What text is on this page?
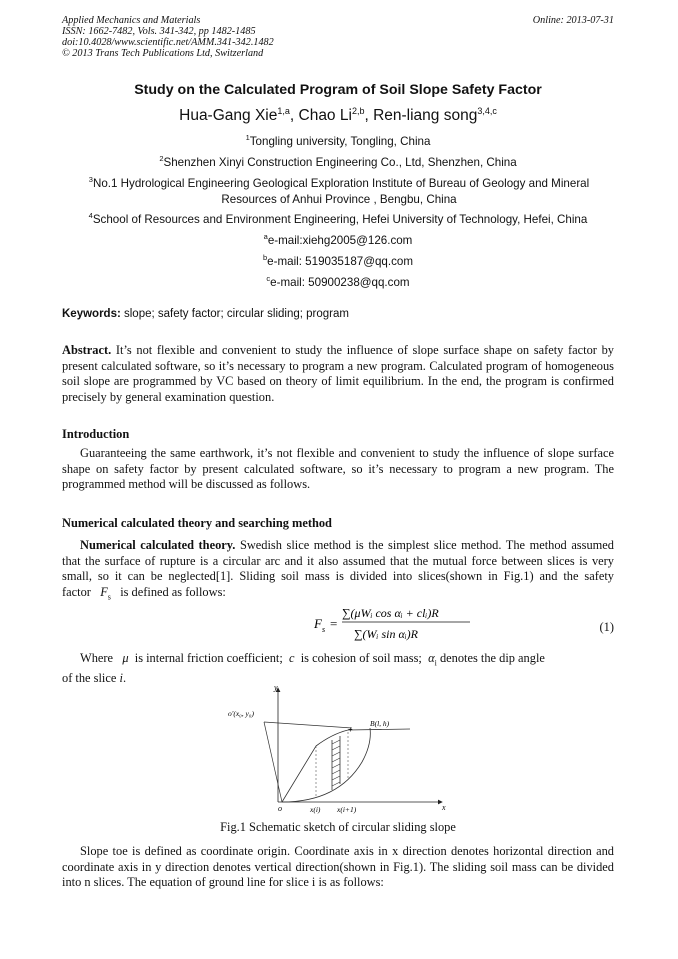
Applied Mechanics and Materials
ISSN: 1662-7482, Vols. 341-342, pp 1482-1485
doi:10.4028/www.scientific.net/AMM.341-342.1482
© 2013 Trans Tech Publications Ltd, Switzerland
Online: 2013-07-31
Study on the Calculated Program of Soil Slope Safety Factor
Hua-Gang Xie$^{1,a}$, Chao Li$^{2,b}$, Ren-liang song$^{3,4,c}$
$^1$Tongling university, Tongling, China
$^2$Shenzhen Xinyi Construction Engineering Co., Ltd, Shenzhen, China
$^3$No.1 Hydrological Engineering Geological Exploration Institute of Bureau of Geology and Mineral Resources of Anhui Province , Bengbu, China
$^4$School of Resources and Environment Engineering, Hefei University of Technology, Hefei, China
$^a$e-mail:xiehg2005@126.com
$^b$e-mail: 519035187@qq.com
$^c$e-mail: 50900238@qq.com
Keywords: slope; safety factor; circular sliding; program
Abstract. It’s not flexible and convenient to study the influence of slope surface shape on safety factor by present calculated software, so it’s necessary to program a new program. Calculated program of homogeneous soil slope are programmed by VC based on theory of limit equilibrium. In the end, the program is confirmed precisely by general examination question.
Introduction
Guaranteeing the same earthwork, it’s not flexible and convenient to study the influence of slope surface shape on safety factor by present calculated software, so it’s necessary to program a new program. The programmed method will be discussed as follows.
Numerical calculated theory and searching method
Numerical calculated theory. Swedish slice method is the simplest slice method. The method assumed that the surface of rupture is a circular arc and it also assumed that the mutual force between slices is very small, so it can be neglected[1]. Sliding soil mass is divided into slices(shown in Fig.1) and the safety factor $F_s$ is defined as follows:
F s =
∑(μWᵢ cos αᵢ + clᵢ)R
∑(Wᵢ sin αᵢ)R	(1)
Where μ is internal friction coefficient; c is cohesion of soil mass; $\alpha_i$ denotes the dip angle
of the slice i.
y
x
o
+
B(l, h)
o'(x₀, y₀)
x(i) x(i+1)
Fig.1 Schematic sketch of circular sliding slope
Slope toe is defined as coordinate origin. Coordinate axis in x direction denotes horizontal direction and coordinate axis in y direction denotes vertical direction(shown in Fig.1). The sliding soil mass can be divided into n slices. The equation of ground line for slice i is as follows:
